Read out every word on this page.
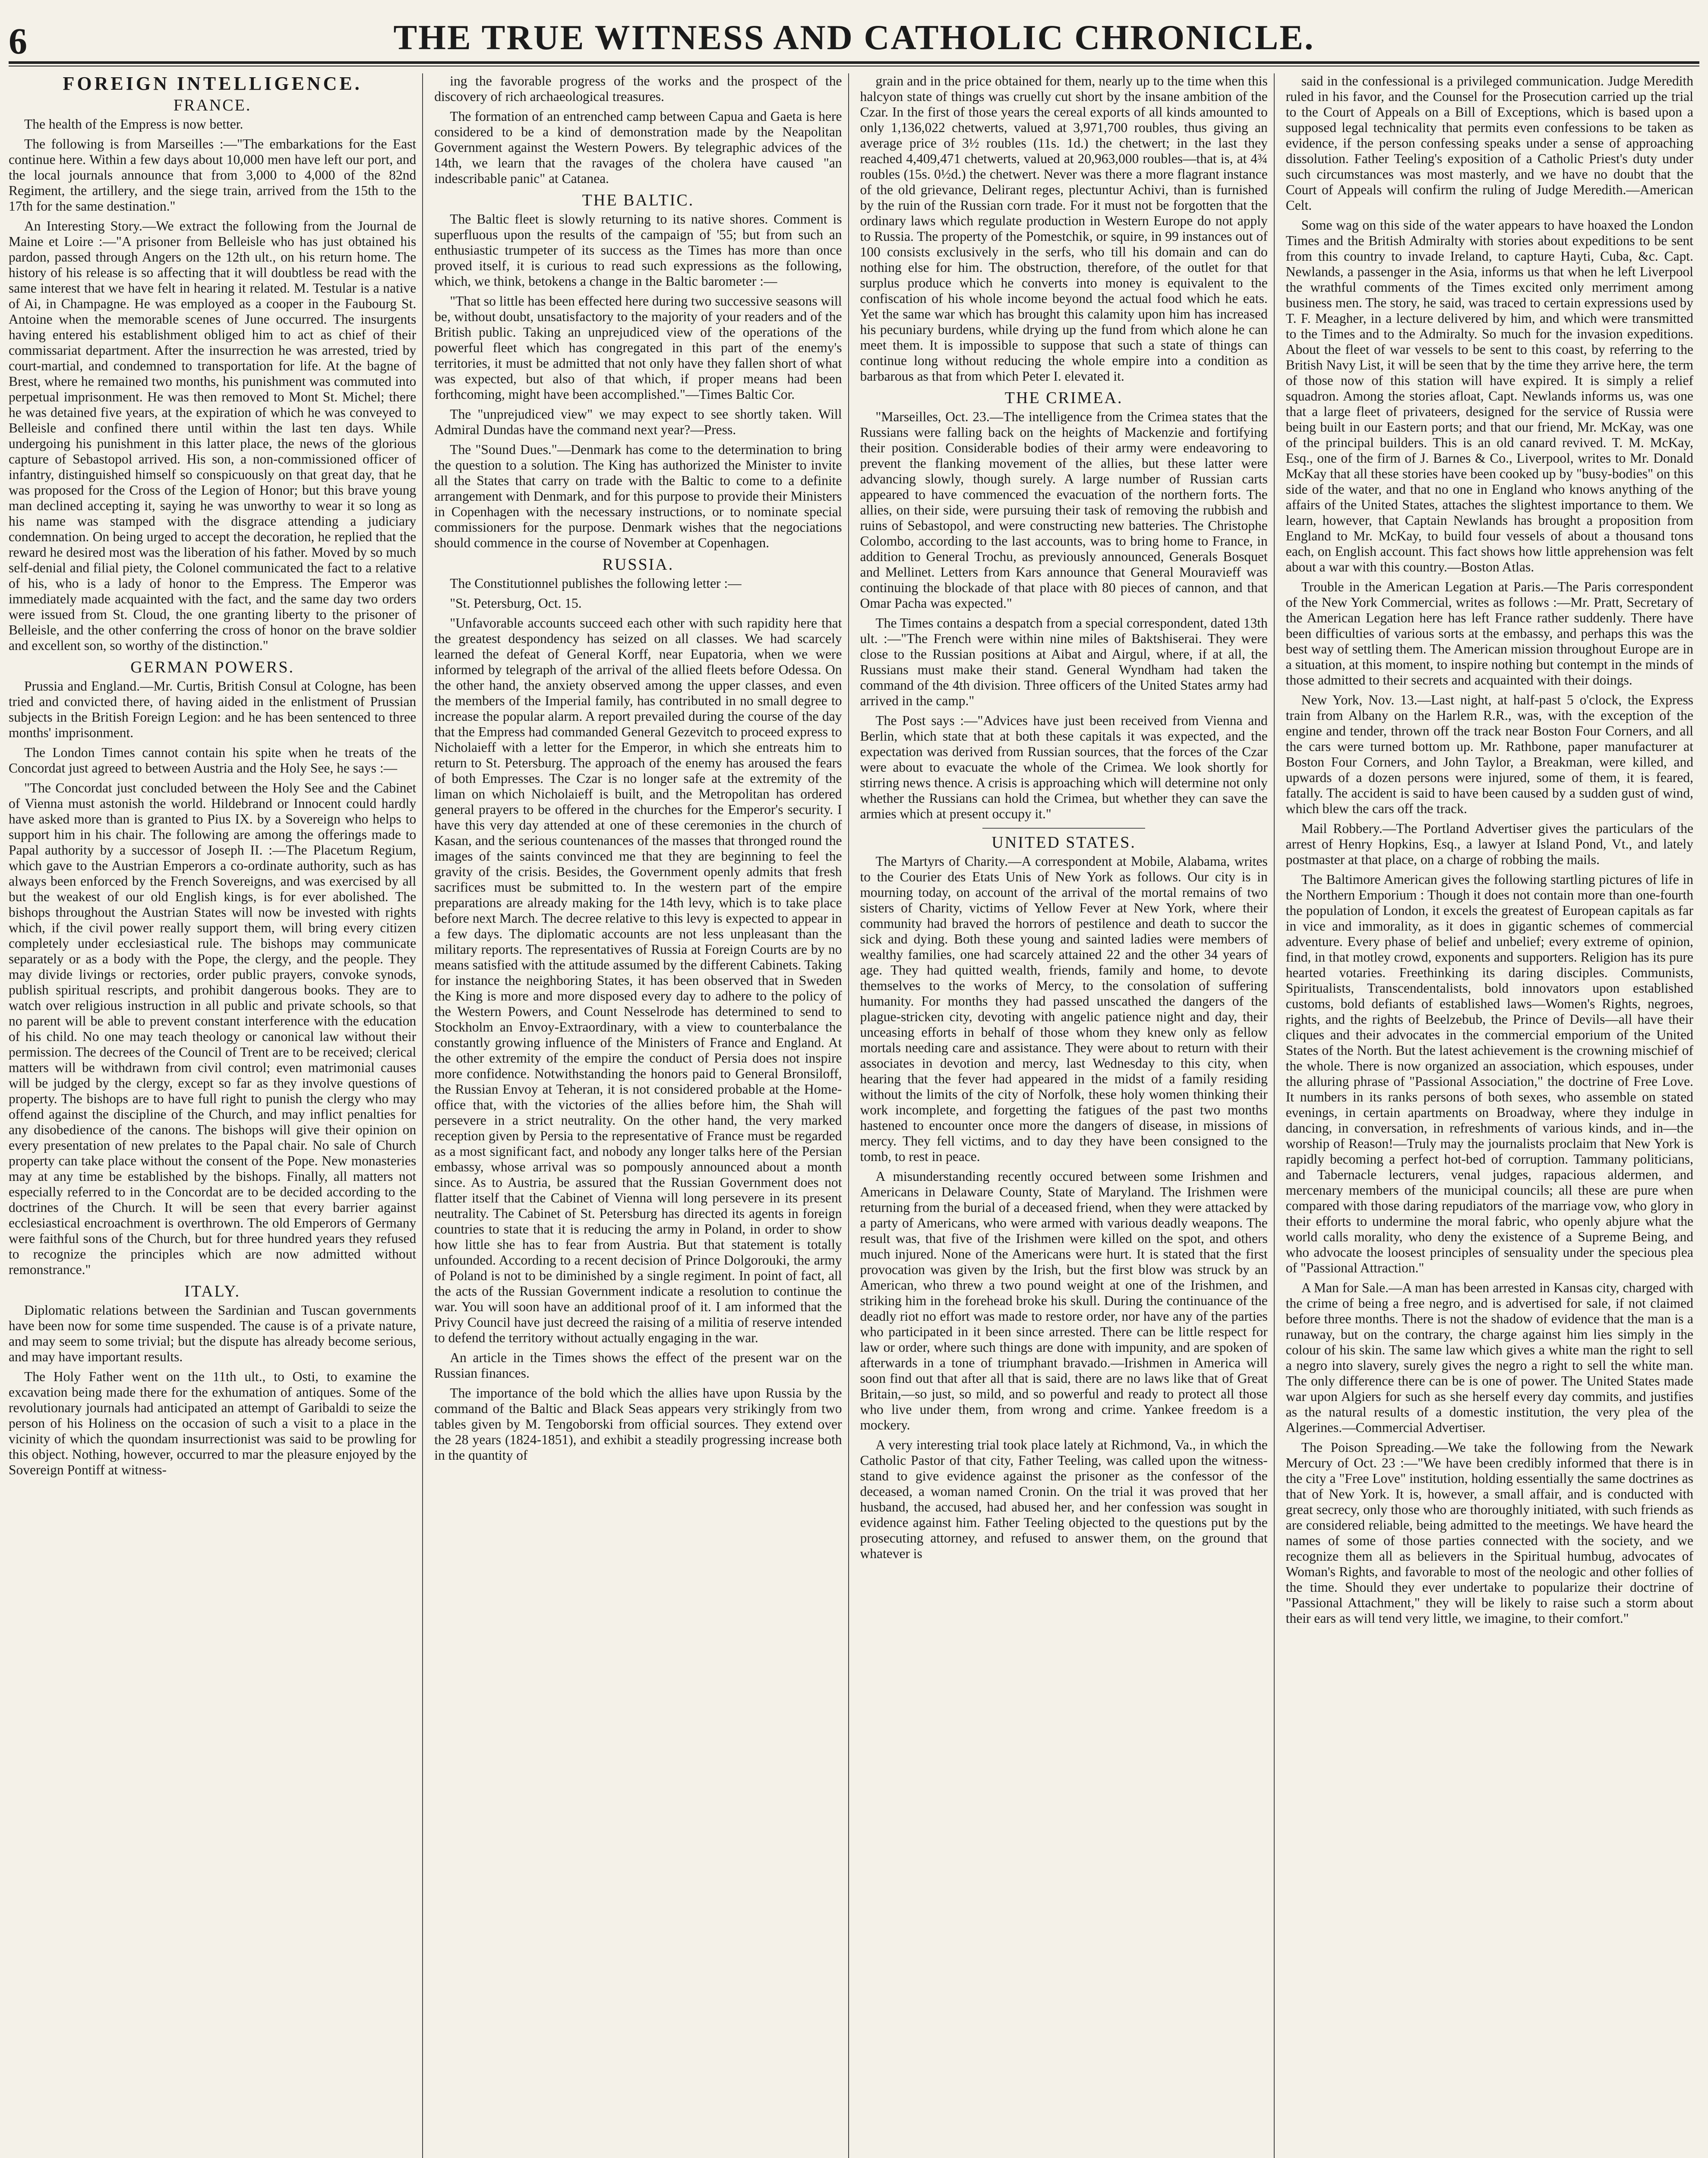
6	THE TRUE WITNESS AND CATHOLIC CHRONICLE.
FOREIGN INTELLIGENCE.
FRANCE.

The health of the Empress is now better.

The following is from Marseilles :—"The embarkations for the East continue here. Within a few days about 10,000 men have left our port, and the local journals announce that from 3,000 to 4,000 of the 82nd Regiment, the artillery, and the siege train, arrived from the 15th to the 17th for the same destination."

An Interesting Story.—We extract the following from the Journal de Maine et Loire :—"A prisoner from Belleisle who has just obtained his pardon, passed through Angers on the 12th ult., on his return home. The history of his release is so affecting that it will doubtless be read with the same interest that we have felt in hearing it related. M. Testular is a native of Ai, in Champagne. He was employed as a cooper in the Faubourg St. Antoine when the memorable scenes of June occurred. The insurgents having entered his establishment obliged him to act as chief of their commissariat department. After the insurrection he was arrested, tried by court-martial, and condemned to transportation for life. At the bagne of Brest, where he remained two months, his punishment was commuted into perpetual imprisonment. He was then removed to Mont St. Michel; there he was detained five years, at the expiration of which he was conveyed to Belleisle and confined there until within the last ten days. While undergoing his punishment in this latter place, the news of the glorious capture of Sebastopol arrived. His son, a non-commissioned officer of infantry, distinguished himself so conspicuously on that great day, that he was proposed for the Cross of the Legion of Honor; but this brave young man declined accepting it, saying he was unworthy to wear it so long as his name was stamped with the disgrace attending a judiciary condemnation. On being urged to accept the decoration, he replied that the reward he desired most was the liberation of his father. Moved by so much self-denial and filial piety, the Colonel communicated the fact to a relative of his, who is a lady of honor to the Empress. The Emperor was immediately made acquainted with the fact, and the same day two orders were issued from St. Cloud, the one granting liberty to the prisoner of Belleisle, and the other conferring the cross of honor on the brave soldier and excellent son, so worthy of the distinction."

GERMAN POWERS.

Prussia and England.—Mr. Curtis, British Consul at Cologne, has been tried and convicted there, of having aided in the enlistment of Prussian subjects in the British Foreign Legion: and he has been sentenced to three months' imprisonment.

The London Times cannot contain his spite when he treats of the Concordat just agreed to between Austria and the Holy See, he says :—

"The Concordat just concluded between the Holy See and the Cabinet of Vienna must astonish the world. Hildebrand or Innocent could hardly have asked more than is granted to Pius IX. by a Sovereign who helps to support him in his chair. The following are among the offerings made to Papal authority by a successor of Joseph II. :—The Placetum Regium, which gave to the Austrian Emperors a co-ordinate authority, such as has always been enforced by the French Sovereigns, and was exercised by all but the weakest of our old English kings, is for ever abolished. The bishops throughout the Austrian States will now be invested with rights which, if the civil power really support them, will bring every citizen completely under ecclesiastical rule. The bishops may communicate separately or as a body with the Pope, the clergy, and the people. They may divide livings or rectories, order public prayers, convoke synods, publish spiritual rescripts, and prohibit dangerous books. They are to watch over religious instruction in all public and private schools, so that no parent will be able to prevent constant interference with the education of his child. No one may teach theology or canonical law without their permission. The decrees of the Council of Trent are to be received; clerical matters will be withdrawn from civil control; even matrimonial causes will be judged by the clergy, except so far as they involve questions of property. The bishops are to have full right to punish the clergy who may offend against the discipline of the Church, and may inflict penalties for any disobedience of the canons. The bishops will give their opinion on every presentation of new prelates to the Papal chair. No sale of Church property can take place without the consent of the Pope. New monasteries may at any time be established by the bishops. Finally, all matters not especially referred to in the Concordat are to be decided according to the doctrines of the Church. It will be seen that every barrier against ecclesiastical encroachment is overthrown. The old Emperors of Germany were faithful sons of the Church, but for three hundred years they refused to recognize the principles which are now admitted without remonstrance."

ITALY.

Diplomatic relations between the Sardinian and Tuscan governments have been now for some time suspended. The cause is of a private nature, and may seem to some trivial; but the dispute has already become serious, and may have important results.

The Holy Father went on the 11th ult., to Osti, to examine the excavation being made there for the exhumation of antiques. Some of the revolutionary journals had anticipated an attempt of Garibaldi to seize the person of his Holiness on the occasion of such a visit to a place in the vicinity of which the quondam insurrectionist was said to be prowling for this object. Nothing, however, occurred to mar the pleasure enjoyed by the Sovereign Pontiff at witness-

ing the favorable progress of the works and the prospect of the discovery of rich archaeological treasures.

The formation of an entrenched camp between Capua and Gaeta is here considered to be a kind of demonstration made by the Neapolitan Government against the Western Powers. By telegraphic advices of the 14th, we learn that the ravages of the cholera have caused "an indescribable panic" at Catanea.

THE BALTIC.

The Baltic fleet is slowly returning to its native shores. Comment is superfluous upon the results of the campaign of '55; but from such an enthusiastic trumpeter of its success as the Times has more than once proved itself, it is curious to read such expressions as the following, which, we think, betokens a change in the Baltic barometer :—

"That so little has been effected here during two successive seasons will be, without doubt, unsatisfactory to the majority of your readers and of the British public. Taking an unprejudiced view of the operations of the powerful fleet which has congregated in this part of the enemy's territories, it must be admitted that not only have they fallen short of what was expected, but also of that which, if proper means had been forthcoming, might have been accomplished."—Times Baltic Cor.

The "unprejudiced view" we may expect to see shortly taken. Will Admiral Dundas have the command next year?—Press.

The "Sound Dues."—Denmark has come to the determination to bring the question to a solution. The King has authorized the Minister to invite all the States that carry on trade with the Baltic to come to a definite arrangement with Denmark, and for this purpose to provide their Ministers in Copenhagen with the necessary instructions, or to nominate special commissioners for the purpose. Denmark wishes that the negociations should commence in the course of November at Copenhagen.

RUSSIA.

The Constitutionnel publishes the following letter :—

"St. Petersburg, Oct. 15.

"Unfavorable accounts succeed each other with such rapidity here that the greatest despondency has seized on all classes. We had scarcely learned the defeat of General Korff, near Eupatoria, when we were informed by telegraph of the arrival of the allied fleets before Odessa. On the other hand, the anxiety observed among the upper classes, and even the members of the Imperial family, has contributed in no small degree to increase the popular alarm. A report prevailed during the course of the day that the Empress had commanded General Gezevitch to proceed express to Nicholaieff with a letter for the Emperor, in which she entreats him to return to St. Petersburg. The approach of the enemy has aroused the fears of both Empresses. The Czar is no longer safe at the extremity of the liman on which Nicholaieff is built, and the Metropolitan has ordered general prayers to be offered in the churches for the Emperor's security. I have this very day attended at one of these ceremonies in the church of Kasan, and the serious countenances of the masses that thronged round the images of the saints convinced me that they are beginning to feel the gravity of the crisis. Besides, the Government openly admits that fresh sacrifices must be submitted to. In the western part of the empire preparations are already making for the 14th levy, which is to take place before next March. The decree relative to this levy is expected to appear in a few days. The diplomatic accounts are not less unpleasant than the military reports. The representatives of Russia at Foreign Courts are by no means satisfied with the attitude assumed by the different Cabinets. Taking for instance the neighboring States, it has been observed that in Sweden the King is more and more disposed every day to adhere to the policy of the Western Powers, and Count Nesselrode has determined to send to Stockholm an Envoy-Extraordinary, with a view to counterbalance the constantly growing influence of the Ministers of France and England. At the other extremity of the empire the conduct of Persia does not inspire more confidence. Notwithstanding the honors paid to General Bronsiloff, the Russian Envoy at Teheran, it is not considered probable at the Home-office that, with the victories of the allies before him, the Shah will persevere in a strict neutrality. On the other hand, the very marked reception given by Persia to the representative of France must be regarded as a most significant fact, and nobody any longer talks here of the Persian embassy, whose arrival was so pompously announced about a month since. As to Austria, be assured that the Russian Government does not flatter itself that the Cabinet of Vienna will long persevere in its present neutrality. The Cabinet of St. Petersburg has directed its agents in foreign countries to state that it is reducing the army in Poland, in order to show how little she has to fear from Austria. But that statement is totally unfounded. According to a recent decision of Prince Dolgorouki, the army of Poland is not to be diminished by a single regiment. In point of fact, all the acts of the Russian Government indicate a resolution to continue the war. You will soon have an additional proof of it. I am informed that the Privy Council have just decreed the raising of a militia of reserve intended to defend the territory without actually engaging in the war.

An article in the Times shows the effect of the present war on the Russian finances.

The importance of the bold which the allies have upon Russia by the command of the Baltic and Black Seas appears very strikingly from two tables given by M. Tengoborski from official sources. They extend over the 28 years (1824-1851), and exhibit a steadily progressing increase both in the quantity of

grain and in the price obtained for them, nearly up to the time when this halcyon state of things was cruelly cut short by the insane ambition of the Czar. In the first of those years the cereal exports of all kinds amounted to only 1,136,022 chetwerts, valued at 3,971,700 roubles, thus giving an average price of 3½ roubles (11s. 1d.) the chetwert; in the last they reached 4,409,471 chetwerts, valued at 20,963,000 roubles—that is, at 4¾ roubles (15s. 0½d.) the chetwert. Never was there a more flagrant instance of the old grievance, Delirant reges, plectuntur Achivi, than is furnished by the ruin of the Russian corn trade. For it must not be forgotten that the ordinary laws which regulate production in Western Europe do not apply to Russia. The property of the Pomestchik, or squire, in 99 instances out of 100 consists exclusively in the serfs, who till his domain and can do nothing else for him. The obstruction, therefore, of the outlet for that surplus produce which he converts into money is equivalent to the confiscation of his whole income beyond the actual food which he eats. Yet the same war which has brought this calamity upon him has increased his pecuniary burdens, while drying up the fund from which alone he can meet them. It is impossible to suppose that such a state of things can continue long without reducing the whole empire into a condition as barbarous as that from which Peter I. elevated it.

THE CRIMEA.

"Marseilles, Oct. 23.—The intelligence from the Crimea states that the Russians were falling back on the heights of Mackenzie and fortifying their position. Considerable bodies of their army were endeavoring to prevent the flanking movement of the allies, but these latter were advancing slowly, though surely. A large number of Russian carts appeared to have commenced the evacuation of the northern forts. The allies, on their side, were pursuing their task of removing the rubbish and ruins of Sebastopol, and were constructing new batteries. The Christophe Colombo, according to the last accounts, was to bring home to France, in addition to General Trochu, as previously announced, Generals Bosquet and Mellinet. Letters from Kars announce that General Mouravieff was continuing the blockade of that place with 80 pieces of cannon, and that Omar Pacha was expected."

The Times contains a despatch from a special correspondent, dated 13th ult. :—"The French were within nine miles of Baktshiserai. They were close to the Russian positions at Aibat and Airgul, where, if at all, the Russians must make their stand. General Wyndham had taken the command of the 4th division. Three officers of the United States army had arrived in the camp."

The Post says :—"Advices have just been received from Vienna and Berlin, which state that at both these capitals it was expected, and the expectation was derived from Russian sources, that the forces of the Czar were about to evacuate the whole of the Crimea. We look shortly for stirring news thence. A crisis is approaching which will determine not only whether the Russians can hold the Crimea, but whether they can save the armies which at present occupy it."

UNITED STATES.

The Martyrs of Charity.—A correspondent at Mobile, Alabama, writes to the Courier des Etats Unis of New York as follows. Our city is in mourning today, on account of the arrival of the mortal remains of two sisters of Charity, victims of Yellow Fever at New York, where their community had braved the horrors of pestilence and death to succor the sick and dying. Both these young and sainted ladies were members of wealthy families, one had scarcely attained 22 and the other 34 years of age. They had quitted wealth, friends, family and home, to devote themselves to the works of Mercy, to the consolation of suffering humanity. For months they had passed unscathed the dangers of the plague-stricken city, devoting with angelic patience night and day, their unceasing efforts in behalf of those whom they knew only as fellow mortals needing care and assistance. They were about to return with their associates in devotion and mercy, last Wednesday to this city, when hearing that the fever had appeared in the midst of a family residing without the limits of the city of Norfolk, these holy women thinking their work incomplete, and forgetting the fatigues of the past two months hastened to encounter once more the dangers of disease, in missions of mercy. They fell victims, and to day they have been consigned to the tomb, to rest in peace.

A misunderstanding recently occured between some Irishmen and Americans in Delaware County, State of Maryland. The Irishmen were returning from the burial of a deceased friend, when they were attacked by a party of Americans, who were armed with various deadly weapons. The result was, that five of the Irishmen were killed on the spot, and others much injured. None of the Americans were hurt. It is stated that the first provocation was given by the Irish, but the first blow was struck by an American, who threw a two pound weight at one of the Irishmen, and striking him in the forehead broke his skull. During the continuance of the deadly riot no effort was made to restore order, nor have any of the parties who participated in it been since arrested. There can be little respect for law or order, where such things are done with impunity, and are spoken of afterwards in a tone of triumphant bravado.—Irishmen in America will soon find out that after all that is said, there are no laws like that of Great Britain,—so just, so mild, and so powerful and ready to protect all those who live under them, from wrong and crime. Yankee freedom is a mockery.

A very interesting trial took place lately at Richmond, Va., in which the Catholic Pastor of that city, Father Teeling, was called upon the witness-stand to give evidence against the prisoner as the confessor of the deceased, a woman named Cronin. On the trial it was proved that her husband, the accused, had abused her, and her confession was sought in evidence against him. Father Teeling objected to the questions put by the prosecuting attorney, and refused to answer them, on the ground that whatever is

said in the confessional is a privileged communication. Judge Meredith ruled in his favor, and the Counsel for the Prosecution carried up the trial to the Court of Appeals on a Bill of Exceptions, which is based upon a supposed legal technicality that permits even confessions to be taken as evidence, if the person confessing speaks under a sense of approaching dissolution. Father Teeling's exposition of a Catholic Priest's duty under such circumstances was most masterly, and we have no doubt that the Court of Appeals will confirm the ruling of Judge Meredith.—American Celt.

Some wag on this side of the water appears to have hoaxed the London Times and the British Admiralty with stories about expeditions to be sent from this country to invade Ireland, to capture Hayti, Cuba, &c. Capt. Newlands, a passenger in the Asia, informs us that when he left Liverpool the wrathful comments of the Times excited only merriment among business men. The story, he said, was traced to certain expressions used by T. F. Meagher, in a lecture delivered by him, and which were transmitted to the Times and to the Admiralty. So much for the invasion expeditions. About the fleet of war vessels to be sent to this coast, by referring to the British Navy List, it will be seen that by the time they arrive here, the term of those now of this station will have expired. It is simply a relief squadron. Among the stories afloat, Capt. Newlands informs us, was one that a large fleet of privateers, designed for the service of Russia were being built in our Eastern ports; and that our friend, Mr. McKay, was one of the principal builders. This is an old canard revived. T. M. McKay, Esq., one of the firm of J. Barnes & Co., Liverpool, writes to Mr. Donald McKay that all these stories have been cooked up by "busy-bodies" on this side of the water, and that no one in England who knows anything of the affairs of the United States, attaches the slightest importance to them. We learn, however, that Captain Newlands has brought a proposition from England to Mr. McKay, to build four vessels of about a thousand tons each, on English account. This fact shows how little apprehension was felt about a war with this country.—Boston Atlas.

Trouble in the American Legation at Paris.—The Paris correspondent of the New York Commercial, writes as follows :—Mr. Pratt, Secretary of the American Legation here has left France rather suddenly. There have been difficulties of various sorts at the embassy, and perhaps this was the best way of settling them. The American mission throughout Europe are in a situation, at this moment, to inspire nothing but contempt in the minds of those admitted to their secrets and acquainted with their doings.

New York, Nov. 13.—Last night, at half-past 5 o'clock, the Express train from Albany on the Harlem R.R., was, with the exception of the engine and tender, thrown off the track near Boston Four Corners, and all the cars were turned bottom up. Mr. Rathbone, paper manufacturer at Boston Four Corners, and John Taylor, a Breakman, were killed, and upwards of a dozen persons were injured, some of them, it is feared, fatally. The accident is said to have been caused by a sudden gust of wind, which blew the cars off the track.

Mail Robbery.—The Portland Advertiser gives the particulars of the arrest of Henry Hopkins, Esq., a lawyer at Island Pond, Vt., and lately postmaster at that place, on a charge of robbing the mails.

The Baltimore American gives the following startling pictures of life in the Northern Emporium : Though it does not contain more than one-fourth the population of London, it excels the greatest of European capitals as far in vice and immorality, as it does in gigantic schemes of commercial adventure. Every phase of belief and unbelief; every extreme of opinion, find, in that motley crowd, exponents and supporters. Religion has its pure hearted votaries. Freethinking its daring disciples. Communists, Spiritualists, Transcendentalists, bold innovators upon established customs, bold defiants of established laws—Women's Rights, negroes, rights, and the rights of Beelzebub, the Prince of Devils—all have their cliques and their advocates in the commercial emporium of the United States of the North. But the latest achievement is the crowning mischief of the whole. There is now organized an association, which espouses, under the alluring phrase of "Passional Association," the doctrine of Free Love. It numbers in its ranks persons of both sexes, who assemble on stated evenings, in certain apartments on Broadway, where they indulge in dancing, in conversation, in refreshments of various kinds, and in—the worship of Reason!—Truly may the journalists proclaim that New York is rapidly becoming a perfect hot-bed of corruption. Tammany politicians, and Tabernacle lecturers, venal judges, rapacious aldermen, and mercenary members of the municipal councils; all these are pure when compared with those daring repudiators of the marriage vow, who glory in their efforts to undermine the moral fabric, who openly abjure what the world calls morality, who deny the existence of a Supreme Being, and who advocate the loosest principles of sensuality under the specious plea of "Passional Attraction."

A Man for Sale.—A man has been arrested in Kansas city, charged with the crime of being a free negro, and is advertised for sale, if not claimed before three months. There is not the shadow of evidence that the man is a runaway, but on the contrary, the charge against him lies simply in the colour of his skin. The same law which gives a white man the right to sell a negro into slavery, surely gives the negro a right to sell the white man. The only difference there can be is one of power. The United States made war upon Algiers for such as she herself every day commits, and justifies as the natural results of a domestic institution, the very plea of the Algerines.—Commercial Advertiser.

The Poison Spreading.—We take the following from the Newark Mercury of Oct. 23 :—"We have been credibly informed that there is in the city a "Free Love" institution, holding essentially the same doctrines as that of New York. It is, however, a small affair, and is conducted with great secrecy, only those who are thoroughly initiated, with such friends as are considered reliable, being admitted to the meetings. We have heard the names of some of those parties connected with the society, and we recognize them all as believers in the Spiritual humbug, advocates of Woman's Rights, and favorable to most of the neologic and other follies of the time. Should they ever undertake to popularize their doctrine of "Passional Attachment," they will be likely to raise such a storm about their ears as will tend very little, we imagine, to their comfort."
